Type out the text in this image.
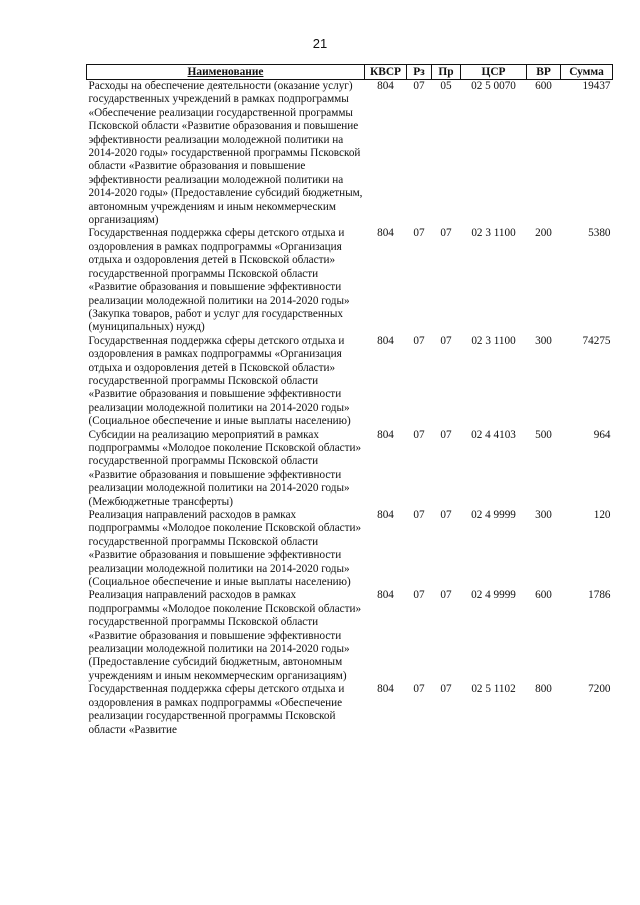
21
Наименование	КВСР	Рз	Пр	ЦСР	ВР	Сумма
Расходы на обеспечение деятельности (оказание услуг) государственных учреждений в рамках подпрограммы «Обеспечение реализации государственной программы Псковской области «Развитие образования и повышение эффективности реализации молодежной политики на 2014-2020 годы» государственной программы Псковской области «Развитие образования и повышение эффективности реализации молодежной политики на 2014-2020 годы» (Предоставление субсидий бюджетным, автономным учреждениям и иным некоммерческим организациям)	804	07	05	02 5 0070	600	19437
Государственная поддержка сферы детского отдыха и оздоровления в рамках подпрограммы «Организация отдыха и оздоровления детей в Псковской области» государственной программы Псковской области «Развитие образования и повышение эффективности реализации молодежной политики на 2014-2020 годы» (Закупка товаров, работ и услуг для государственных (муниципальных) нужд)	804	07	07	02 3 1100	200	5380
Государственная поддержка сферы детского отдыха и оздоровления в рамках подпрограммы «Организация отдыха и оздоровления детей в Псковской области» государственной программы Псковской области «Развитие образования и повышение эффективности реализации молодежной политики на 2014-2020 годы» (Социальное обеспечение и иные выплаты населению)	804	07	07	02 3 1100	300	74275
Субсидии на реализацию мероприятий в рамках подпрограммы «Молодое поколение Псковской области» государственной программы Псковской области «Развитие образования и повышение эффективности реализации молодежной политики на 2014-2020 годы» (Межбюджетные трансферты)	804	07	07	02 4 4103	500	964
Реализация направлений расходов в рамках подпрограммы «Молодое поколение Псковской области» государственной программы Псковской области «Развитие образования и повышение эффективности реализации молодежной политики на 2014-2020 годы» (Социальное обеспечение и иные выплаты населению)	804	07	07	02 4 9999	300	120
Реализация направлений расходов в рамках подпрограммы «Молодое поколение Псковской области» государственной программы Псковской области «Развитие образования и повышение эффективности реализации молодежной политики на 2014-2020 годы» (Предоставление субсидий бюджетным, автономным учреждениям и иным некоммерческим организациям)	804	07	07	02 4 9999	600	1786
Государственная поддержка сферы детского отдыха и оздоровления в рамках подпрограммы «Обеспечение реализации государственной программы Псковской области «Развитие	804	07	07	02 5 1102	800	7200
